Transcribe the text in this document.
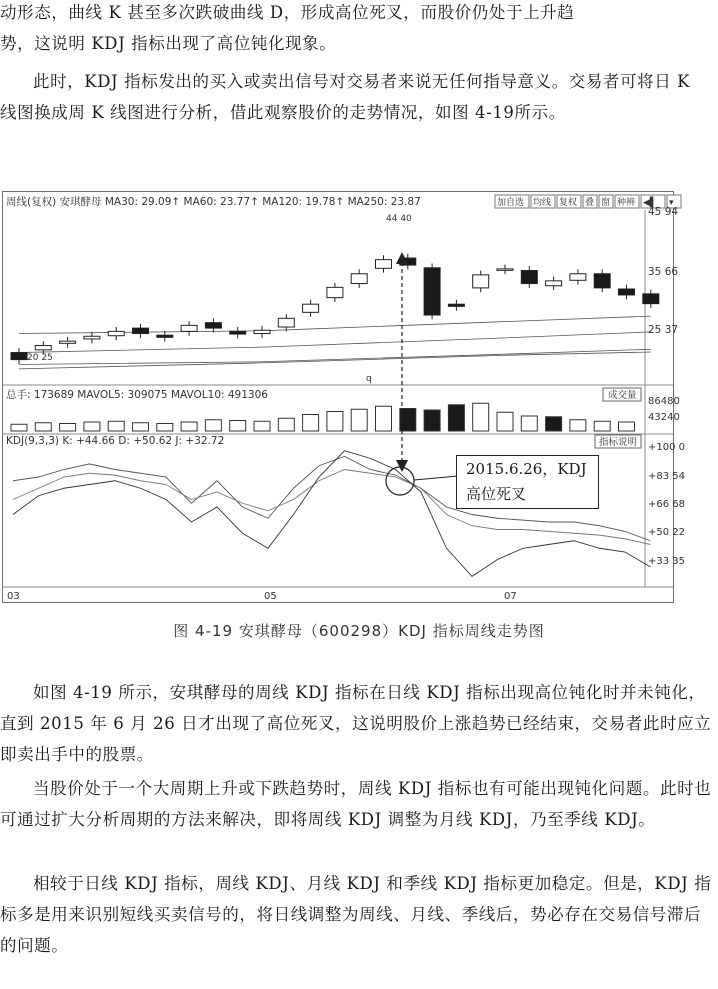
动形态，曲线 K 甚至多次跌破曲线 D，形成高位死叉，而股价仍处于上升趋

势，这说明 KDJ 指标出现了高位钝化现象。

此时，KDJ 指标发出的买入或卖出信号对交易者来说无任何指导意义。交易者可将日 K 线图换成周 K 线图进行分析，借此观察股价的走势情况，如图 4-19所示。

周线(复权) 安琪酵母 MA30: 29.09↑ MA60: 23.77↑ MA120: 19.78↑ MA250: 23.87	加自选 均线 复权 叠 窗 种辨 ◀▌ ▾
45 94
35 66
25 37
44 40
20 25
q
总手: 173689 MAVOL5: 309075 MAVOL10: 491306	成交量
86480
43240
KDJ(9,3,3) K: +44.66 D: +50.62 J: +32.72	指标说明 +100 0
+83 54
+66 68
+50 22
+33 35
03	05	07
2015.6.26，KDJ
高位死叉
图 4-19 安琪酵母（600298）KDJ 指标周线走势图

如图 4-19 所示，安琪酵母的周线 KDJ 指标在日线 KDJ 指标出现高位钝化时并未钝化，直到 2015 年 6 月 26 日才出现了高位死叉，这说明股价上涨趋势已经结束，交易者此时应立即卖出手中的股票。

当股价处于一个大周期上升或下跌趋势时，周线 KDJ 指标也有可能出现钝化问题。此时也可通过扩大分析周期的方法来解决，即将周线 KDJ 调整为月线 KDJ，乃至季线 KDJ。

相较于日线 KDJ 指标，周线 KDJ、月线 KDJ 和季线 KDJ 指标更加稳定。但是，KDJ 指标多是用来识别短线买卖信号的，将日线调整为周线、月线、季线后，势必存在交易信号滞后的问题。
